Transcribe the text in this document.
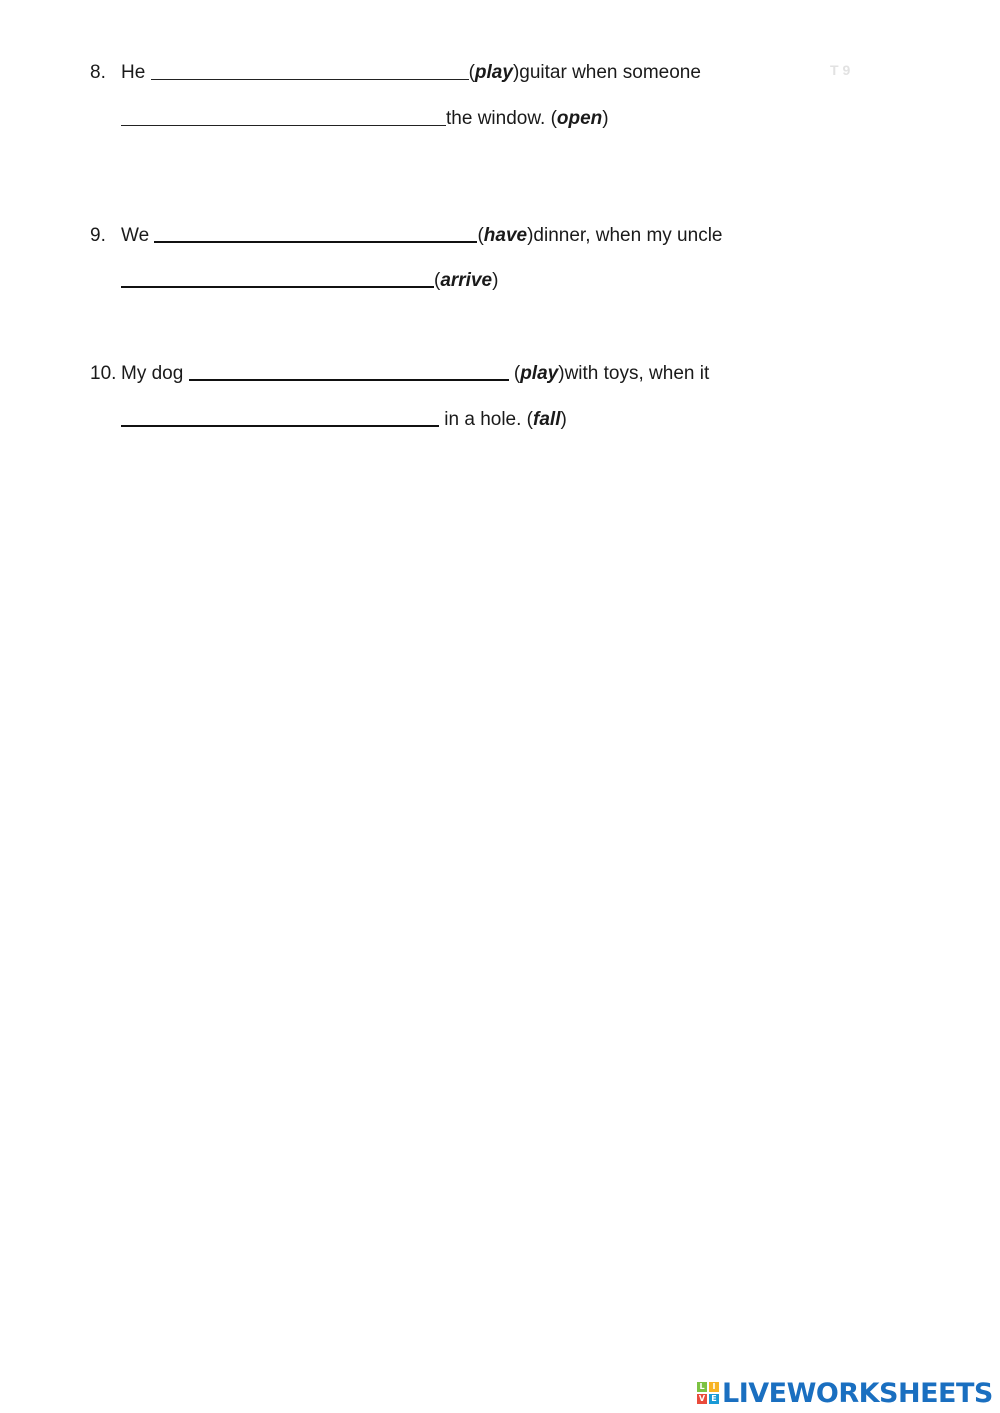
T 9
8. He	(play)guitar when someone
the window. (open)
9. We	(have)dinner, when my uncle
(arrive)
10. My dog	(play)with toys, when it
in a hole. (fall)
L I
V E LIVEWORKSHEETS
